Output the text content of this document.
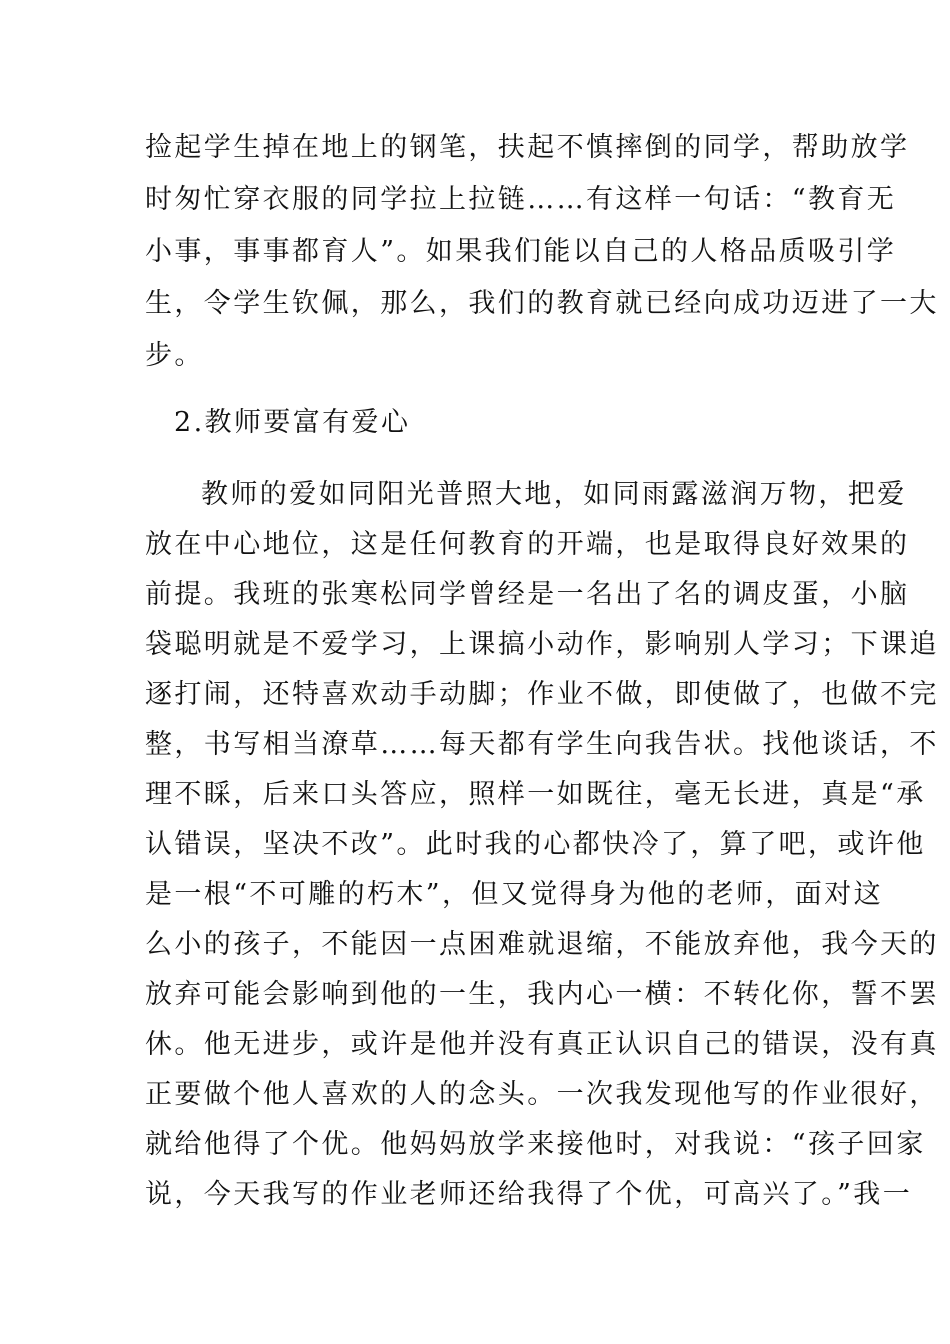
捡起学生掉在地上的钢笔，扶起不慎摔倒的同学，帮助放学
时匆忙穿衣服的同学拉上拉链……有这样一句话：“教育无
小事，事事都育人”。如果我们能以自己的人格品质吸引学
生，令学生钦佩，那么，我们的教育就已经向成功迈进了一大
步。
2.教师要富有爱心
教师的爱如同阳光普照大地，如同雨露滋润万物，把爱
放在中心地位，这是任何教育的开端，也是取得良好效果的
前提。我班的张寒松同学曾经是一名出了名的调皮蛋，小脑
袋聪明就是不爱学习，上课搞小动作，影响别人学习；下课追
逐打闹，还特喜欢动手动脚；作业不做，即使做了，也做不完
整，书写相当潦草……每天都有学生向我告状。找他谈话，不
理不睬，后来口头答应，照样一如既往，毫无长进，真是“承
认错误，坚决不改”。此时我的心都快冷了，算了吧，或许他
是一根“不可雕的朽木”，但又觉得身为他的老师，面对这
么小的孩子，不能因一点困难就退缩，不能放弃他，我今天的
放弃可能会影响到他的一生，我内心一横：不转化你，誓不罢
休。他无进步，或许是他并没有真正认识自己的错误，没有真
正要做个他人喜欢的人的念头。一次我发现他写的作业很好，
就给他得了个优。他妈妈放学来接他时，对我说：“孩子回家
说，今天我写的作业老师还给我得了个优，可高兴了。”我一
